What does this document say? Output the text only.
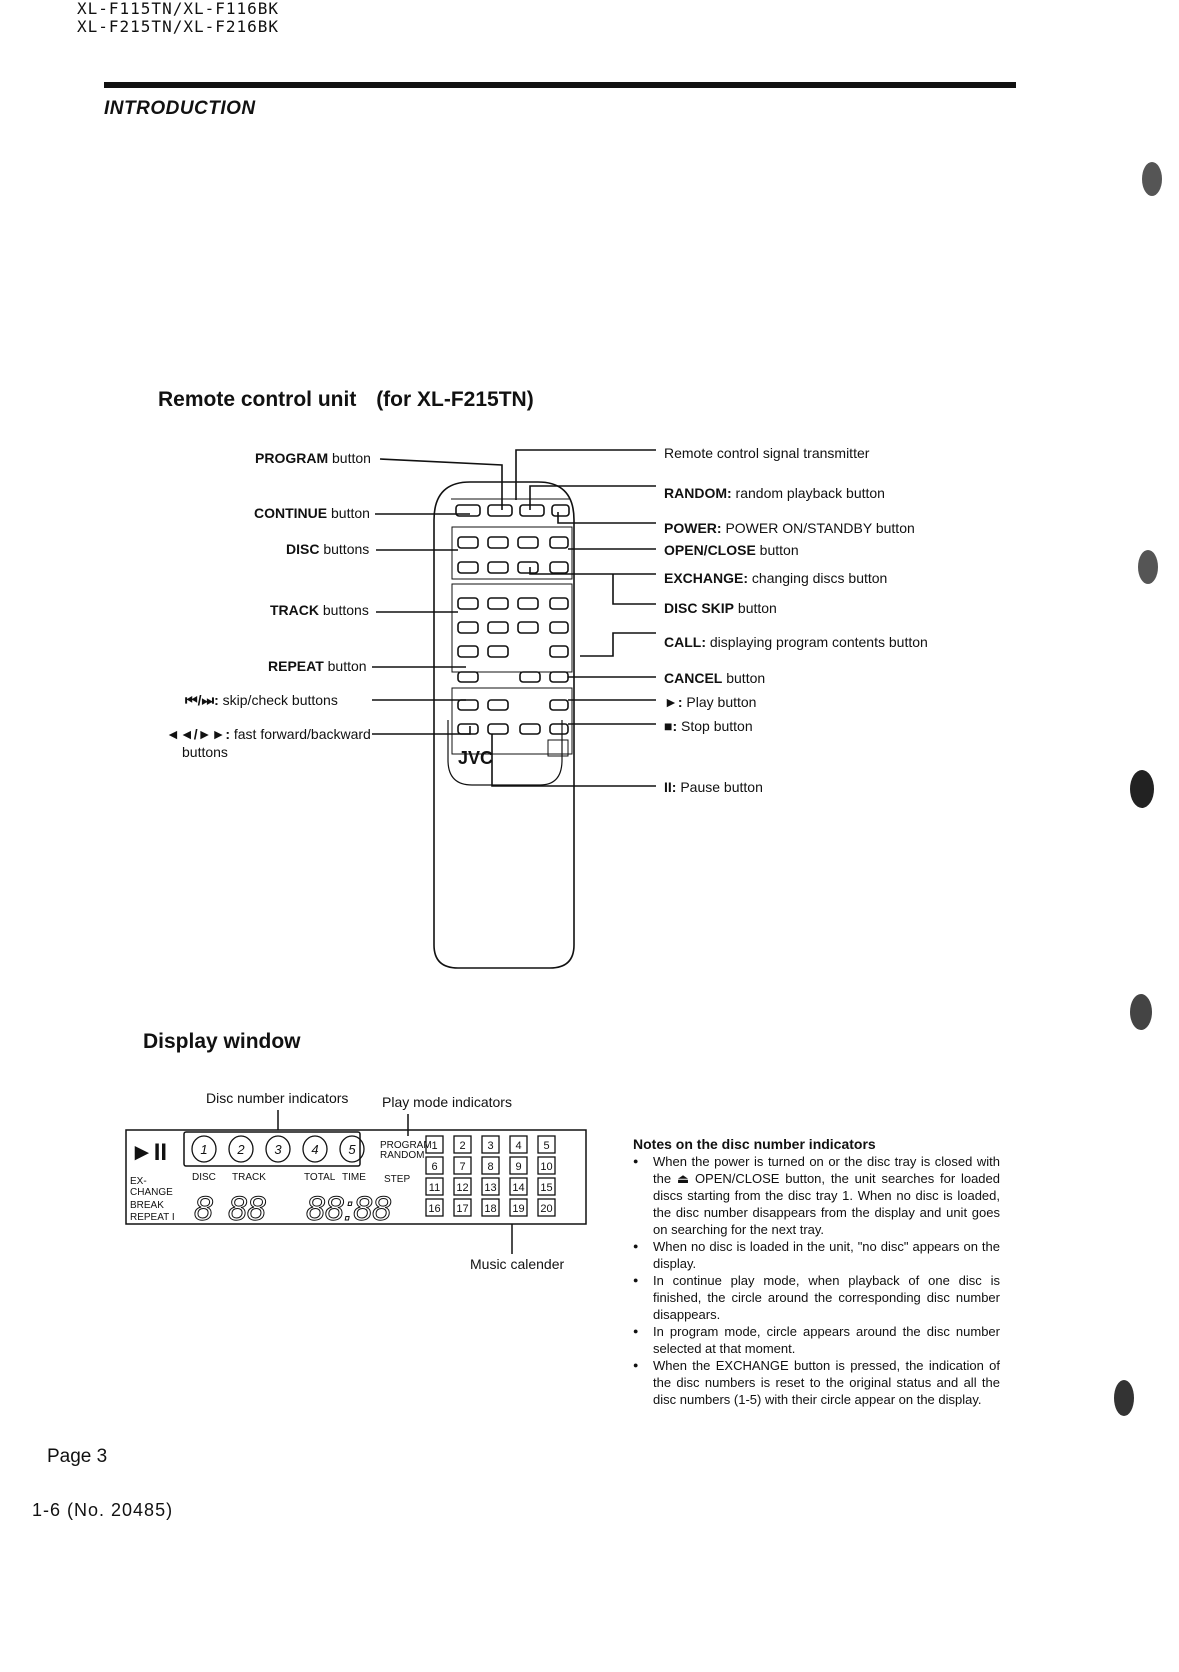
XL-F115TN/XL-F116BK
XL-F215TN/XL-F216BK
INTRODUCTION
Remote control unit (for XL-F215TN)
JVC
PROGRAM button
CONTINUE button
DISC buttons
TRACK buttons
REPEAT button
⏮/⏭: skip/check buttons
◄◄/►►: fast forward/backward
buttons
Remote control signal transmitter
RANDOM: random playback button
POWER: POWER ON/STANDBY button
OPEN/CLOSE button
EXCHANGE: changing discs button
DISC SKIP button
CALL: displaying program contents button
CANCEL button
►: Play button
■: Stop button
II: Pause button
Display window
Disc number indicators Play mode indicators
Music calender
►II	1 2 3 4 5 PROGRAM
RANDOM
EX-
CHANGE
BREAK
REPEAT I
DISC TRACK	TOTAL TIME STEP
8 88 88:88
1 2 3 4 5
6 7 8 9 10
11 12 13 14 15
16 17 18 19 20
Notes on the disc number indicators
● When the power is turned on or the disc tray is closed with the ⏏ OPEN/CLOSE button, the unit searches for loaded discs starting from the disc tray 1. When no disc is loaded, the disc number disappears from the display and unit goes on searching for the next tray.
● When no disc is loaded in the unit, "no disc" appears on the display.
● In continue play mode, when playback of one disc is finished, the circle around the corresponding disc number disappears.
● In program mode, circle appears around the disc number selected at that moment.
● When the EXCHANGE button is pressed, the indication of the disc numbers is reset to the original status and all the disc numbers (1-5) with their circle appear on the display.
Page 3
1-6 (No. 20485)
